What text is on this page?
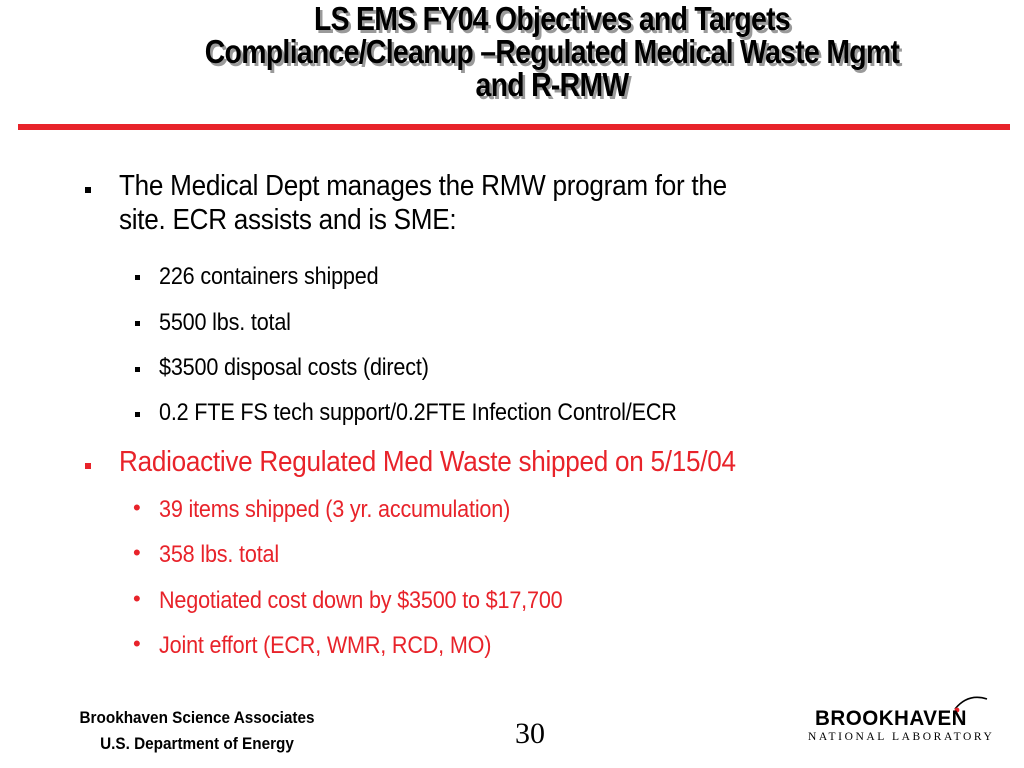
LS EMS FY04 Objectives and Targets
Compliance/Cleanup –Regulated Medical Waste Mgmt
and R-RMW
The Medical Dept manages the RMW program for the
site. ECR assists and is SME:
226 containers shipped
5500 lbs. total
$3500 disposal costs (direct)
0.2 FTE FS tech support/0.2FTE Infection Control/ECR
Radioactive Regulated Med Waste shipped on 5/15/04
• 39 items shipped (3 yr. accumulation)
• 358 lbs. total
• Negotiated cost down by $3500 to $17,700
• Joint effort (ECR, WMR, RCD, MO)
Brookhaven Science Associates
U.S. Department of Energy	30	BROOKHAVEN
NATIONAL LABORATORY
